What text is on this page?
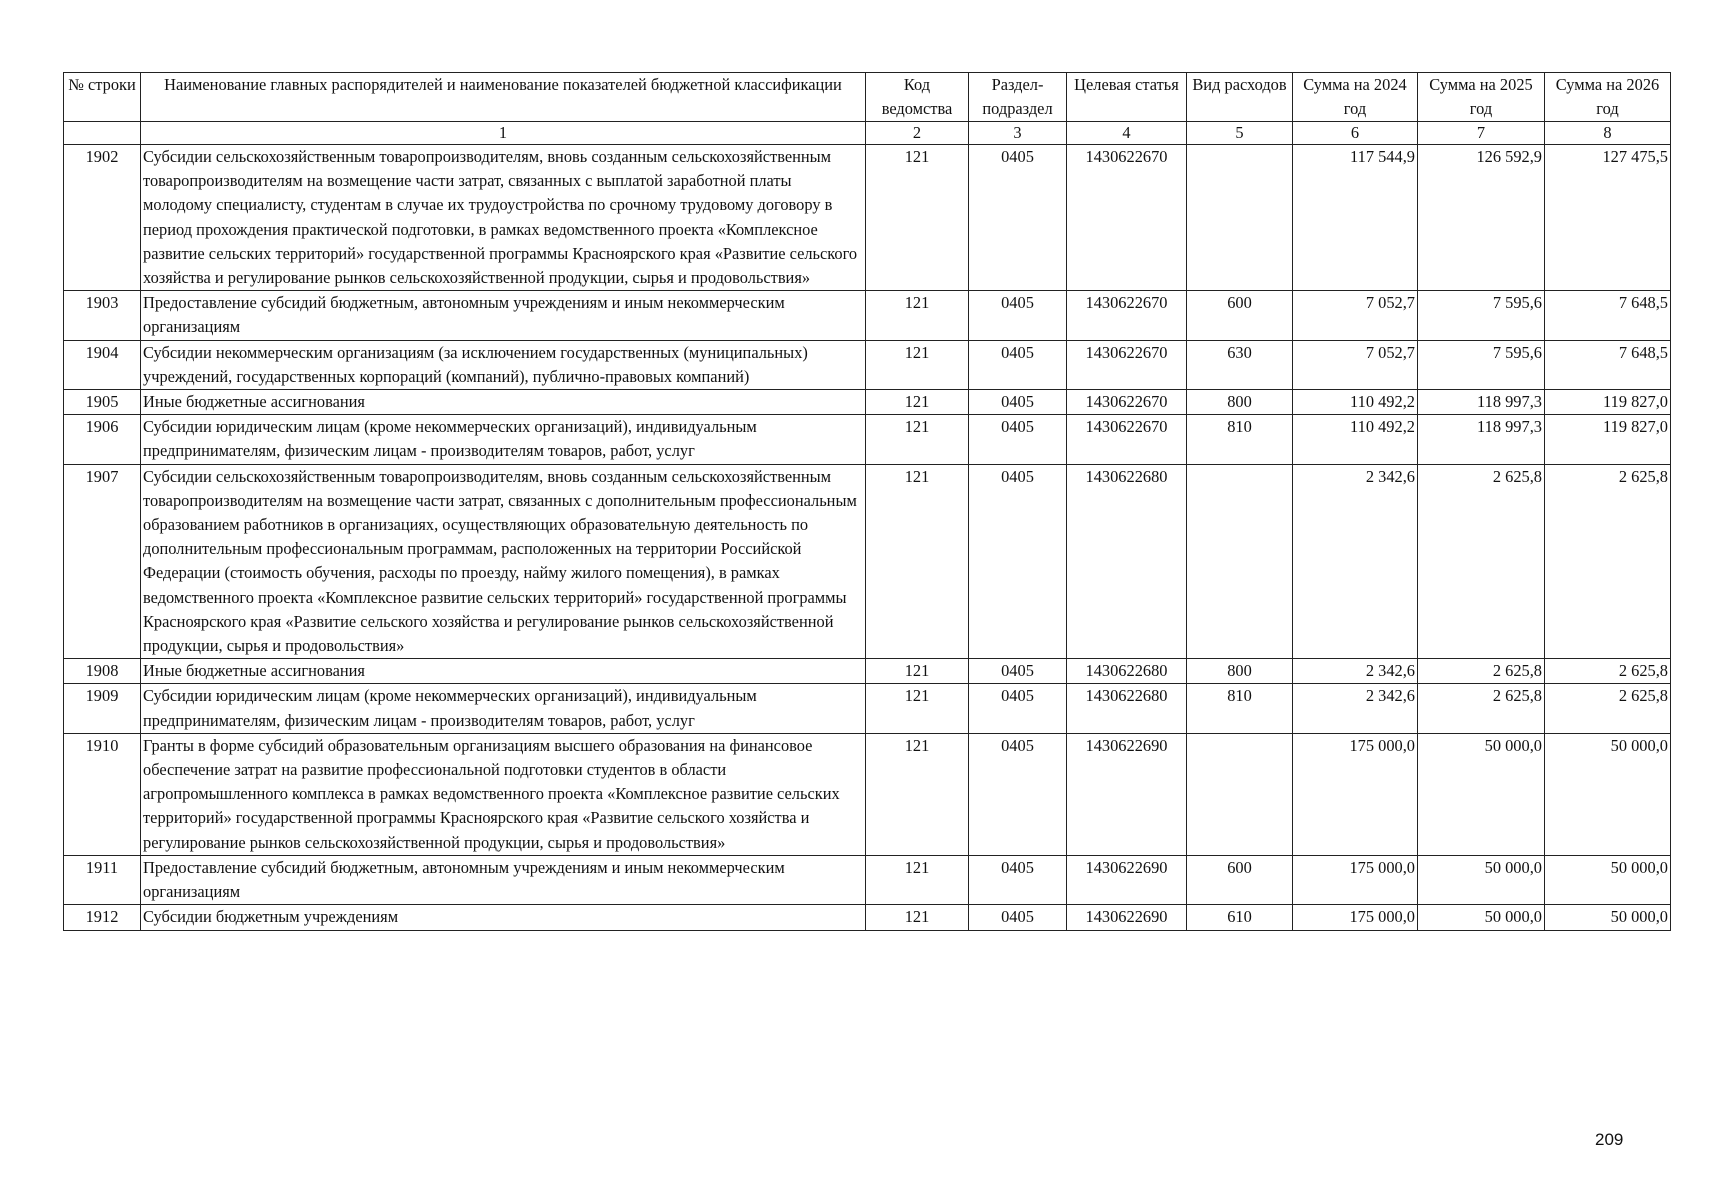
№ строки	Наименование главных распорядителей и наименование показателей бюджетной классификации	Код ведомства	Раздел-подраздел	Целевая статья	Вид расходов	Сумма на 2024 год	Сумма на 2025 год	Сумма на 2026 год
	1	2	3	4	5	6	7	8
1902	Субсидии сельскохозяйственным товаропроизводителям, вновь созданным сельскохозяйственным товаропроизводителям на возмещение части затрат, связанных с выплатой заработной платы молодому специалисту, студентам в случае их трудоустройства по срочному трудовому договору в период прохождения практической подготовки, в рамках ведомственного проекта «Комплексное развитие сельских территорий» государственной программы Красноярского края «Развитие сельского хозяйства и регулирование рынков сельскохозяйственной продукции, сырья и продовольствия»	121	0405	1430622670		117 544,9	126 592,9	127 475,5
1903	Предоставление субсидий бюджетным, автономным учреждениям и иным некоммерческим организациям	121	0405	1430622670	600	7 052,7	7 595,6	7 648,5
1904	Субсидии некоммерческим организациям (за исключением государственных (муниципальных) учреждений, государственных корпораций (компаний), публично-правовых компаний)	121	0405	1430622670	630	7 052,7	7 595,6	7 648,5
1905	Иные бюджетные ассигнования	121	0405	1430622670	800	110 492,2	118 997,3	119 827,0
1906	Субсидии юридическим лицам (кроме некоммерческих организаций), индивидуальным предпринимателям, физическим лицам - производителям товаров, работ, услуг	121	0405	1430622670	810	110 492,2	118 997,3	119 827,0
1907	Субсидии сельскохозяйственным товаропроизводителям, вновь созданным сельскохозяйственным товаропроизводителям на возмещение части затрат, связанных с дополнительным профессиональным образованием работников в организациях, осуществляющих образовательную деятельность по дополнительным профессиональным программам, расположенных на территории Российской Федерации (стоимость обучения, расходы по проезду, найму жилого помещения), в рамках ведомственного проекта «Комплексное развитие сельских территорий» государственной программы Красноярского края «Развитие сельского хозяйства и регулирование рынков сельскохозяйственной продукции, сырья и продовольствия»	121	0405	1430622680		2 342,6	2 625,8	2 625,8
1908	Иные бюджетные ассигнования	121	0405	1430622680	800	2 342,6	2 625,8	2 625,8
1909	Субсидии юридическим лицам (кроме некоммерческих организаций), индивидуальным предпринимателям, физическим лицам - производителям товаров, работ, услуг	121	0405	1430622680	810	2 342,6	2 625,8	2 625,8
1910	Гранты в форме субсидий образовательным организациям высшего образования на финансовое обеспечение затрат на развитие профессиональной подготовки студентов в области агропромышленного комплекса в рамках ведомственного проекта «Комплексное развитие сельских территорий» государственной программы Красноярского края «Развитие сельского хозяйства и регулирование рынков сельскохозяйственной продукции, сырья и продовольствия»	121	0405	1430622690		175 000,0	50 000,0	50 000,0
1911	Предоставление субсидий бюджетным, автономным учреждениям и иным некоммерческим организациям	121	0405	1430622690	600	175 000,0	50 000,0	50 000,0
1912	Субсидии бюджетным учреждениям	121	0405	1430622690	610	175 000,0	50 000,0	50 000,0
209
